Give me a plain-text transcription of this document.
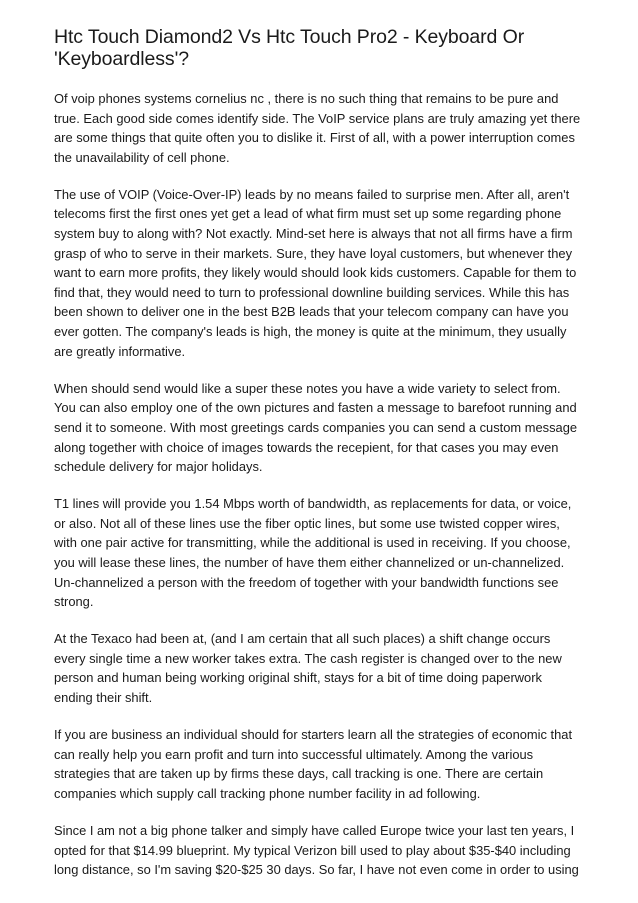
Htc Touch Diamond2 Vs Htc Touch Pro2 - Keyboard Or 'Keyboardless'?

Of voip phones systems cornelius nc , there is no such thing that remains to be pure and true. Each good side comes identify side. The VoIP service plans are truly amazing yet there are some things that quite often you to dislike it. First of all, with a power interruption comes the unavailability of cell phone.

The use of VOIP (Voice-Over-IP) leads by no means failed to surprise men. After all, aren't telecoms first the first ones yet get a lead of what firm must set up some regarding phone system buy to along with? Not exactly. Mind-set here is always that not all firms have a firm grasp of who to serve in their markets. Sure, they have loyal customers, but whenever they want to earn more profits, they likely would should look kids customers. Capable for them to find that, they would need to turn to professional downline building services. While this has been shown to deliver one in the best B2B leads that your telecom company can have you ever gotten. The company's leads is high, the money is quite at the minimum, they usually are greatly informative.

When should send would like a super these notes you have a wide variety to select from. You can also employ one of the own pictures and fasten a message to barefoot running and send it to someone. With most greetings cards companies you can send a custom message along together with choice of images towards the recepient, for that cases you may even schedule delivery for major holidays.

T1 lines will provide you 1.54 Mbps worth of bandwidth, as replacements for data, or voice, or also. Not all of these lines use the fiber optic lines, but some use twisted copper wires, with one pair active for transmitting, while the additional is used in receiving. If you choose, you will lease these lines, the number of have them either channelized or un-channelized. Un-channelized a person with the freedom of together with your bandwidth functions see strong.

At the Texaco had been at, (and I am certain that all such places) a shift change occurs every single time a new worker takes extra. The cash register is changed over to the new person and human being working original shift, stays for a bit of time doing paperwork ending their shift.

If you are business an individual should for starters learn all the strategies of economic that can really help you earn profit and turn into successful ultimately. Among the various strategies that are taken up by firms these days, call tracking is one. There are certain companies which supply call tracking phone number facility in ad following.

Since I am not a big phone talker and simply have called Europe twice your last ten years, I opted for that $14.99 blueprint. My typical Verizon bill used to play about $35-$40 including long distance, so I'm saving $20-$25 30 days. So far, I have not even come in order to using
